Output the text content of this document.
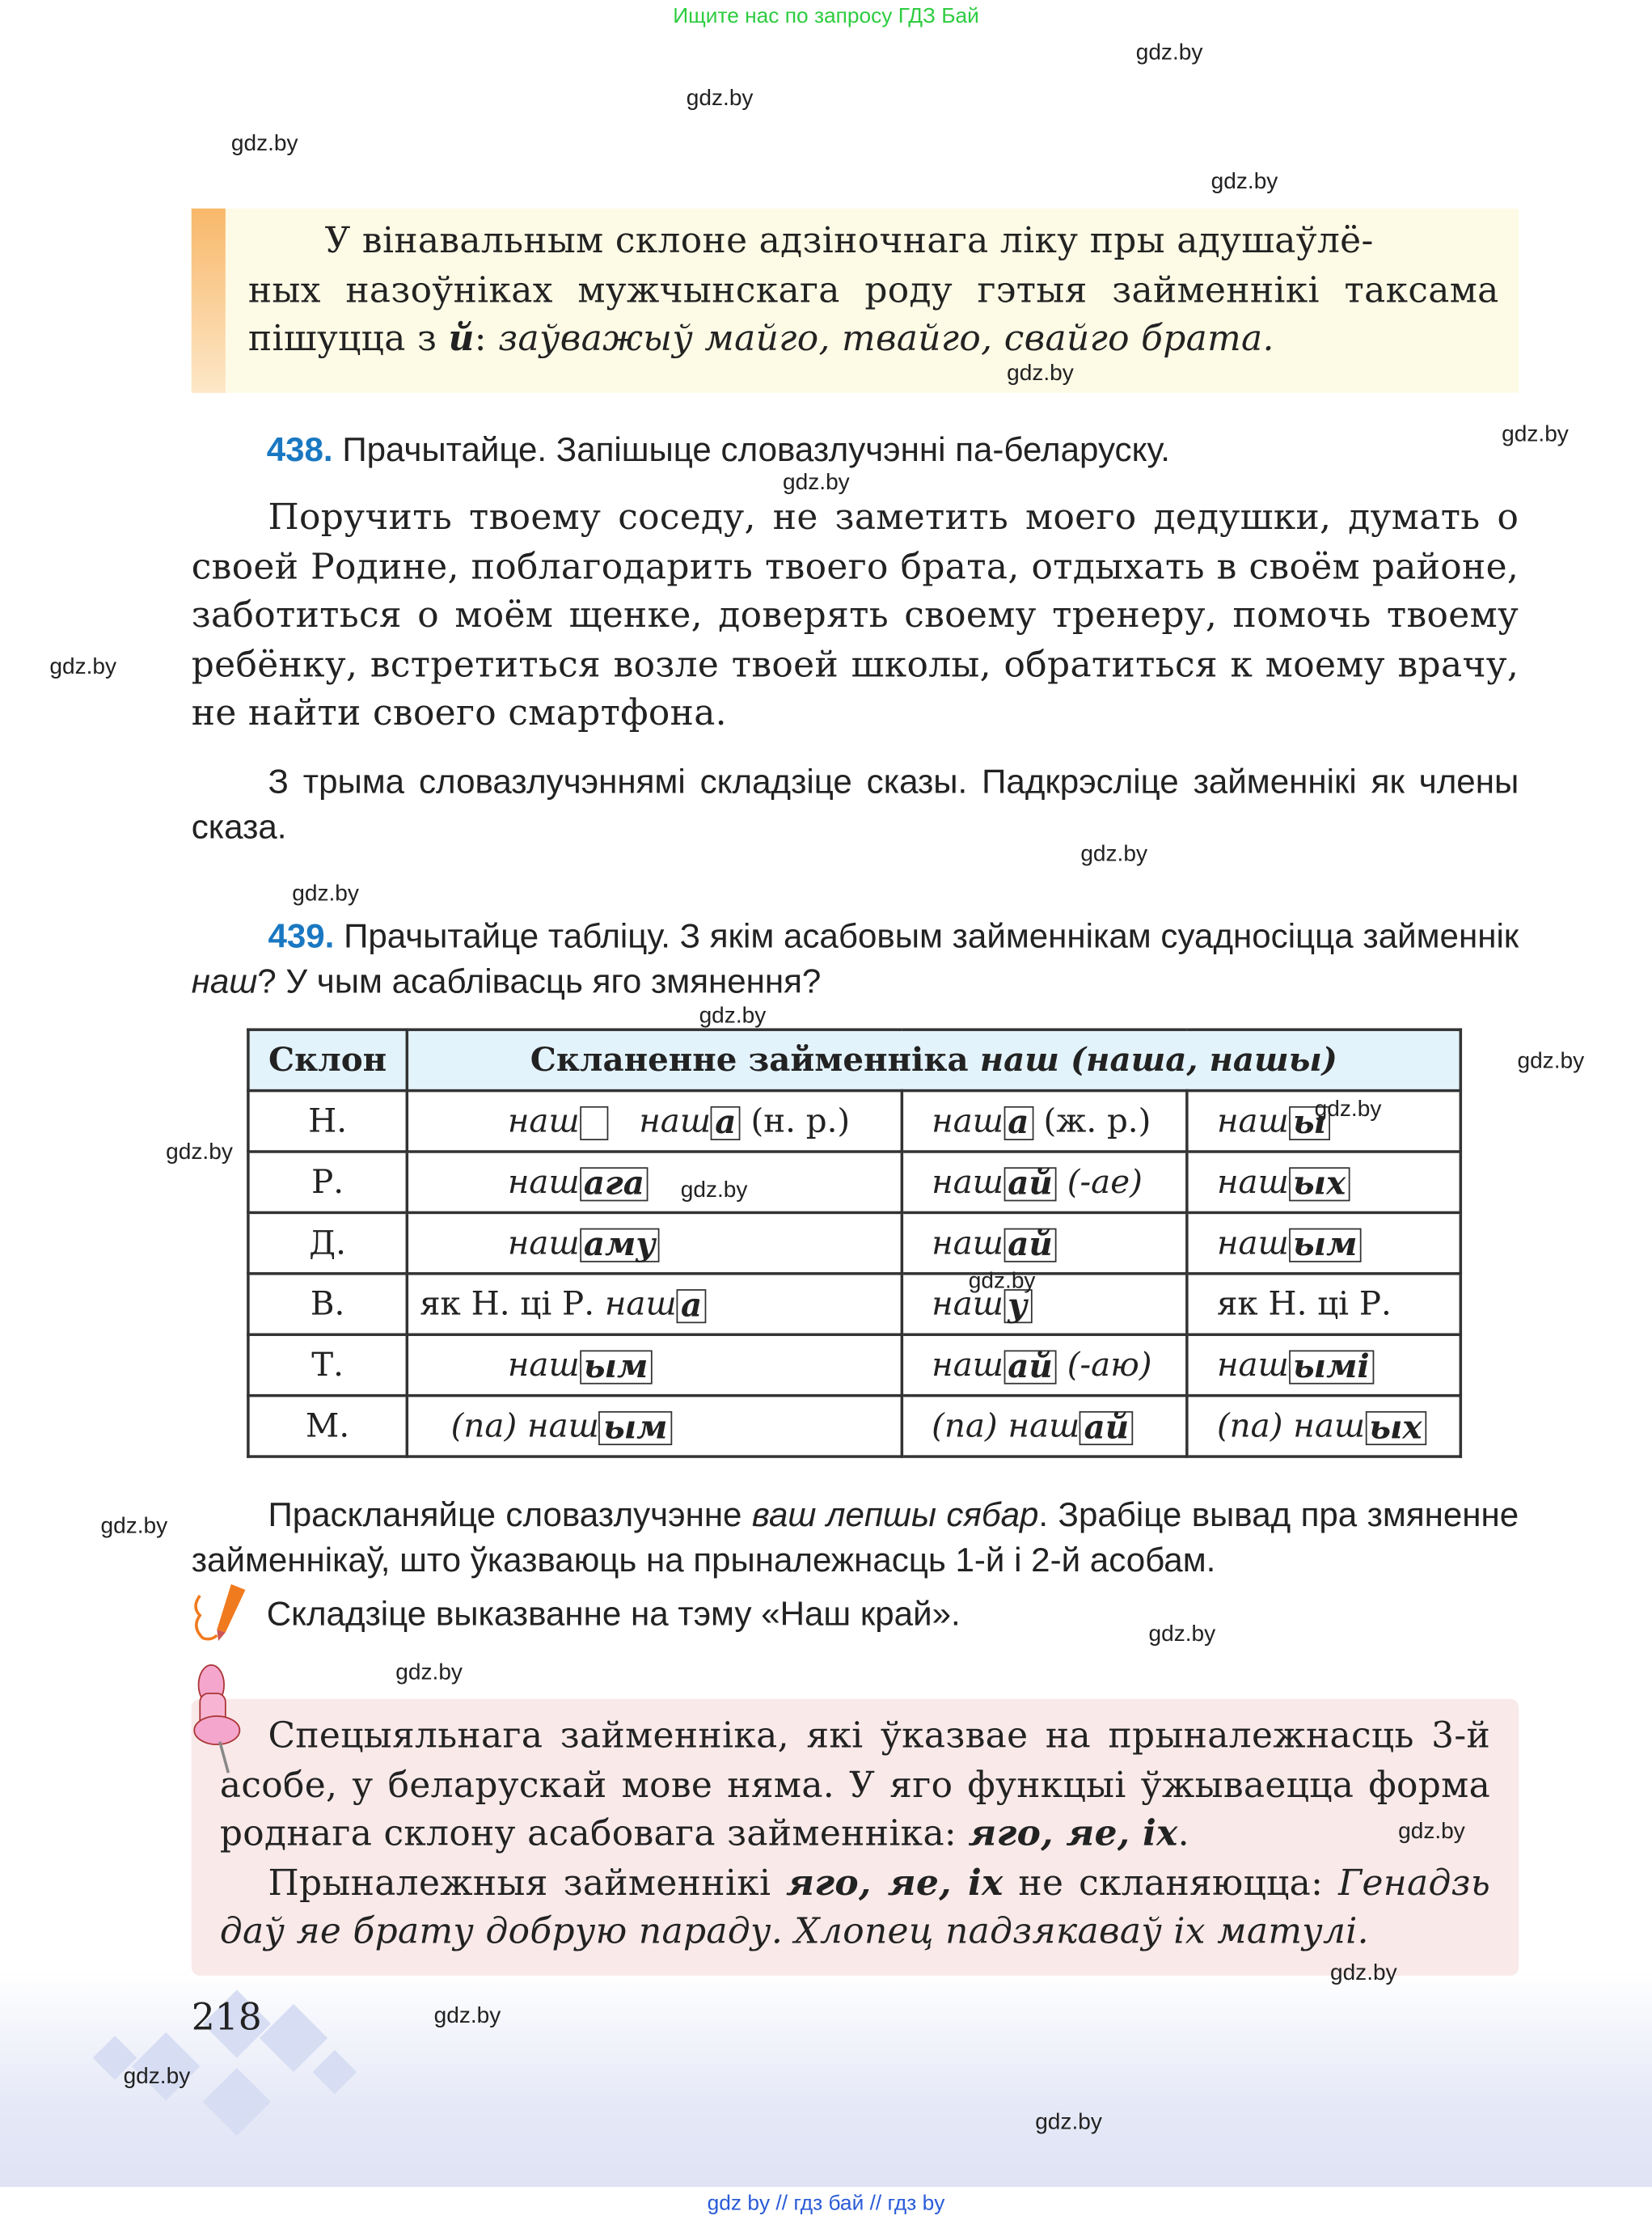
Ищите нас по запросу ГДЗ Бай
У вінавальным склоне адзіночнага ліку пры адушаўлё-
ных назоўніках мужчынскага роду гэтыя займеннікі таксама
пішуцца з й: заўважыў майго, твайго, свайго брата.
438. Прачытайце. Запішыце словазлучэнні па-беларуску.
Поручить твоему соседу, не заметить моего дедушки, думать о своей Родине, поблагодарить твоего брата, отдыхать в своём районе, заботиться о моём щенке, доверять своему тренеру, помочь твоему ребёнку, встретиться возле твоей школы, обратиться к моему врачу, не найти своего смартфона.
З трыма словазлучэннямі складзіце сказы. Падкрэсліце займеннікі як члены сказа.
439. Прачытайце табліцу. З якім асабовым займеннікам суадносіцца займеннік наш? У чым асаблівасць яго змянення?
Склон	Скланенне займенніка наш (наша, нашы)		
Н.	наш наш а (н. р.)	наш а (ж. р.)	наш ы
Р.	наш ага	наш ай (-ае)	наш ых
Д.	наш аму	наш ай	наш ым
В.	як Н. ці Р. наш а	наш у	як Н. ці Р.
Т.	наш ым	наш ай (-аю)	наш ымі
М.	(па) наш ым	(па) наш ай	(па) наш ых
Праскланяйце словазлучэнне ваш лепшы сябар. Зрабіце вывад пра змяненне займеннікаў, што ўказваюць на прыналежнасць 1-й і 2-й асобам.
Складзіце выказванне на тэму «Наш край».
Спецыяльнага займенніка, які ўказвае на прыналежнасць 3-й асобе, у беларускай мове няма. У яго функцыі ўжываецца форма роднага склону асабовага займенніка: яго, яе, іх.
Прыналежныя займеннікі яго, яе, іх не скланяюцца: Генадзь даў яе брату добрую параду. Хлопец падзякаваў іх матулі.
218
gdz by // гдз бай // гдз by
gdz.by
gdz.by
gdz.by
gdz.by
gdz.by
gdz.by
gdz.by
gdz.by
gdz.by
gdz.by
gdz.by
gdz.by
gdz.by
gdz.by
gdz.by
gdz.by
gdz.by
gdz.by
gdz.by
gdz.by
gdz.by
gdz.by
gdz.by
gdz.by
